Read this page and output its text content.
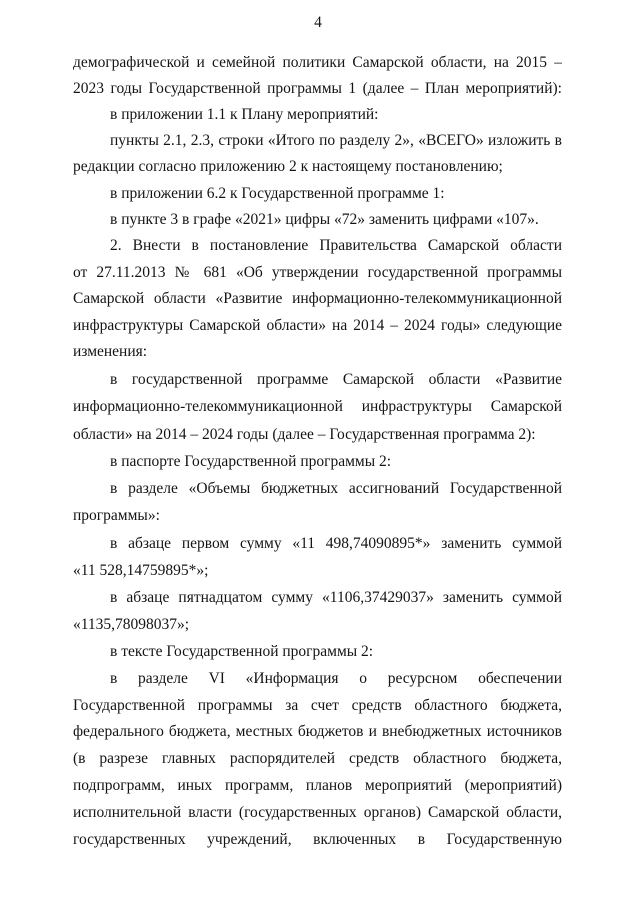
4
демографической и семейной политики Самарской области, на 2015 –
2023 годы Государственной программы 1 (далее – План мероприятий):
в приложении 1.1 к Плану мероприятий:
пункты 2.1, 2.3, строки «Итого по разделу 2», «ВСЕГО» изложить в
редакции согласно приложению 2 к настоящему постановлению;
в приложении 6.2 к Государственной программе 1:
в пункте 3 в графе «2021» цифры «72» заменить цифрами «107».
2. Внести в постановление Правительства Самарской области
от 27.11.2013 № 681 «Об утверждении государственной программы
Самарской области «Развитие информационно-телекоммуникационной
инфраструктуры Самарской области» на 2014 – 2024 годы» следующие
изменения:
в государственной программе Самарской области «Развитие
информационно-телекоммуникационной инфраструктуры Самарской
области» на 2014 – 2024 годы (далее – Государственная программа 2):
в паспорте Государственной программы 2:
в разделе «Объемы бюджетных ассигнований Государственной
программы»:
в абзаце первом сумму «11 498,74090895*» заменить суммой
«11 528,14759895*»;
в абзаце пятнадцатом сумму «1106,37429037» заменить суммой
«1135,78098037»;
в тексте Государственной программы 2:
в разделе VI «Информация о ресурсном обеспечении
Государственной программы за счет средств областного бюджета,
федерального бюджета, местных бюджетов и внебюджетных источников
(в разрезе главных распорядителей средств областного бюджета,
подпрограмм, иных программ, планов мероприятий (мероприятий)
исполнительной власти (государственных органов) Самарской области,
государственных учреждений, включенных в Государственную
